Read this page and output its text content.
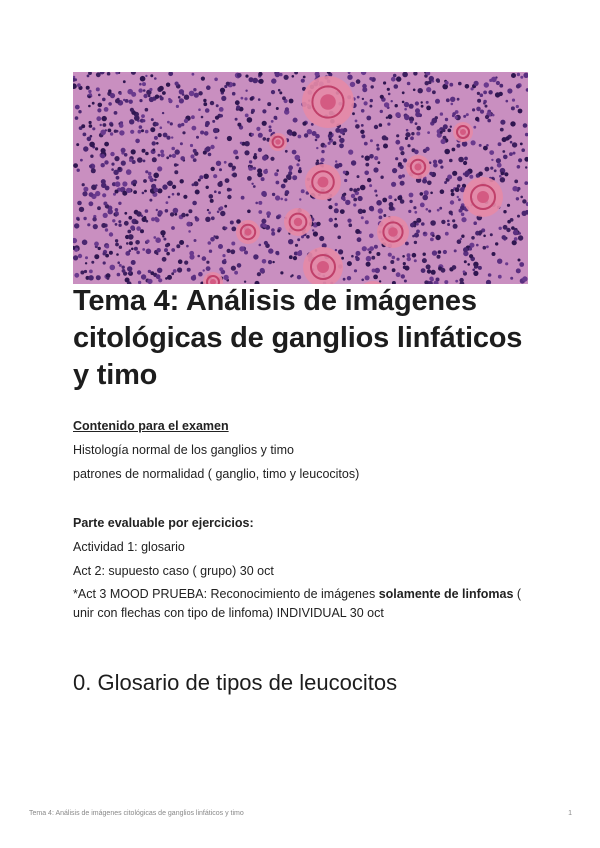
Tema 4: Análisis de imágenes citológicas de ganglios linfáticos y timo

Contenido para el examen

Histología normal de los ganglios y timo

patrones de normalidad ( ganglio, timo y leucocitos)

Parte evaluable por ejercicios:

Actividad 1: glosario

Act 2: supuesto caso ( grupo) 30 oct

*Act 3 MOOD PRUEBA: Reconocimiento de imágenes solamente de linfomas ( unir con flechas con tipo de linfoma) INDIVIDUAL 30 oct

0. Glosario de tipos de leucocitos
Tema 4: Análisis de imágenes citológicas de ganglios linfáticos y timo	1
